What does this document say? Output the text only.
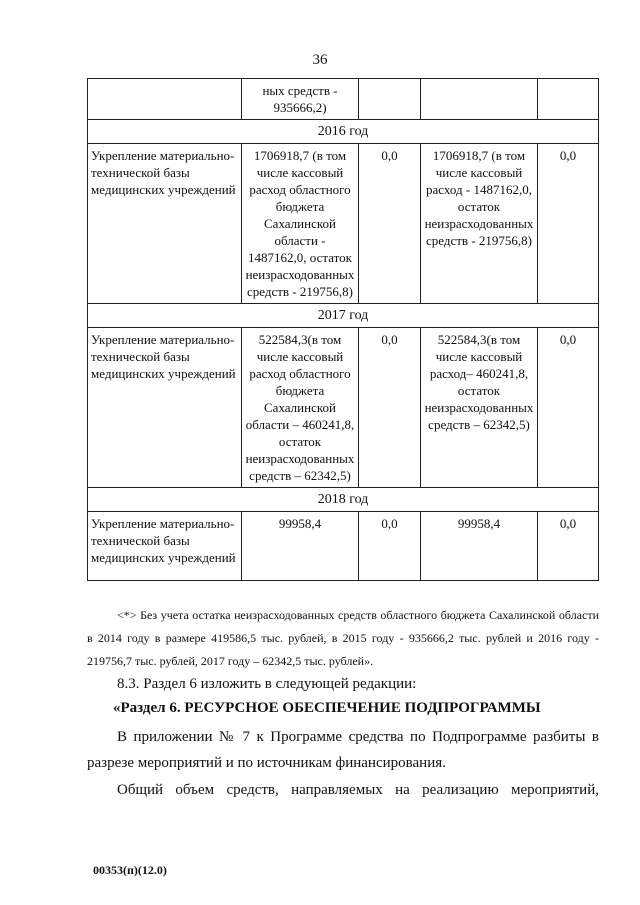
36
	ных средств - 935666,2)			
2016 год				
Укрепление материально-технической базы медицинских учреждений	1706918,7 (в том числе кассовый расход областного бюджета Сахалинской области - 1487162,0, остаток неизрасходованных средств - 219756,8)	0,0	1706918,7 (в том числе кассовый расход - 1487162,0, остаток неизрасходованных средств - 219756,8)	0,0
2017 год				
Укрепление материально-технической базы медицинских учреждений	522584,3(в том числе кассовый расход областного бюджета Сахалинской области – 460241,8, остаток неизрасходованных средств – 62342,5)	0,0	522584,3(в том числе кассовый расход– 460241,8, остаток неизрасходованных средств – 62342,5)	0,0
2018 год				
Укрепление материально-технической базы медицинских учреждений	99958,4	0,0	99958,4	0,0
<*> Без учета остатка неизрасходованных средств областного бюджета Сахалинской области в 2014 году в размере 419586,5 тыс. рублей, в 2015 году - 935666,2 тыс. рублей и 2016 году - 219756,7 тыс. рублей, 2017 году – 62342,5 тыс. рублей».
8.3. Раздел 6 изложить в следующей редакции:
«Раздел 6. РЕСУРСНОЕ ОБЕСПЕЧЕНИЕ ПОДПРОГРАММЫ
В приложении № 7 к Программе средства по Подпрограмме разбиты в разрезе мероприятий и по источникам финансирования.
Общий объем средств, направляемых на реализацию мероприятий,
00353(п)(12.0)
